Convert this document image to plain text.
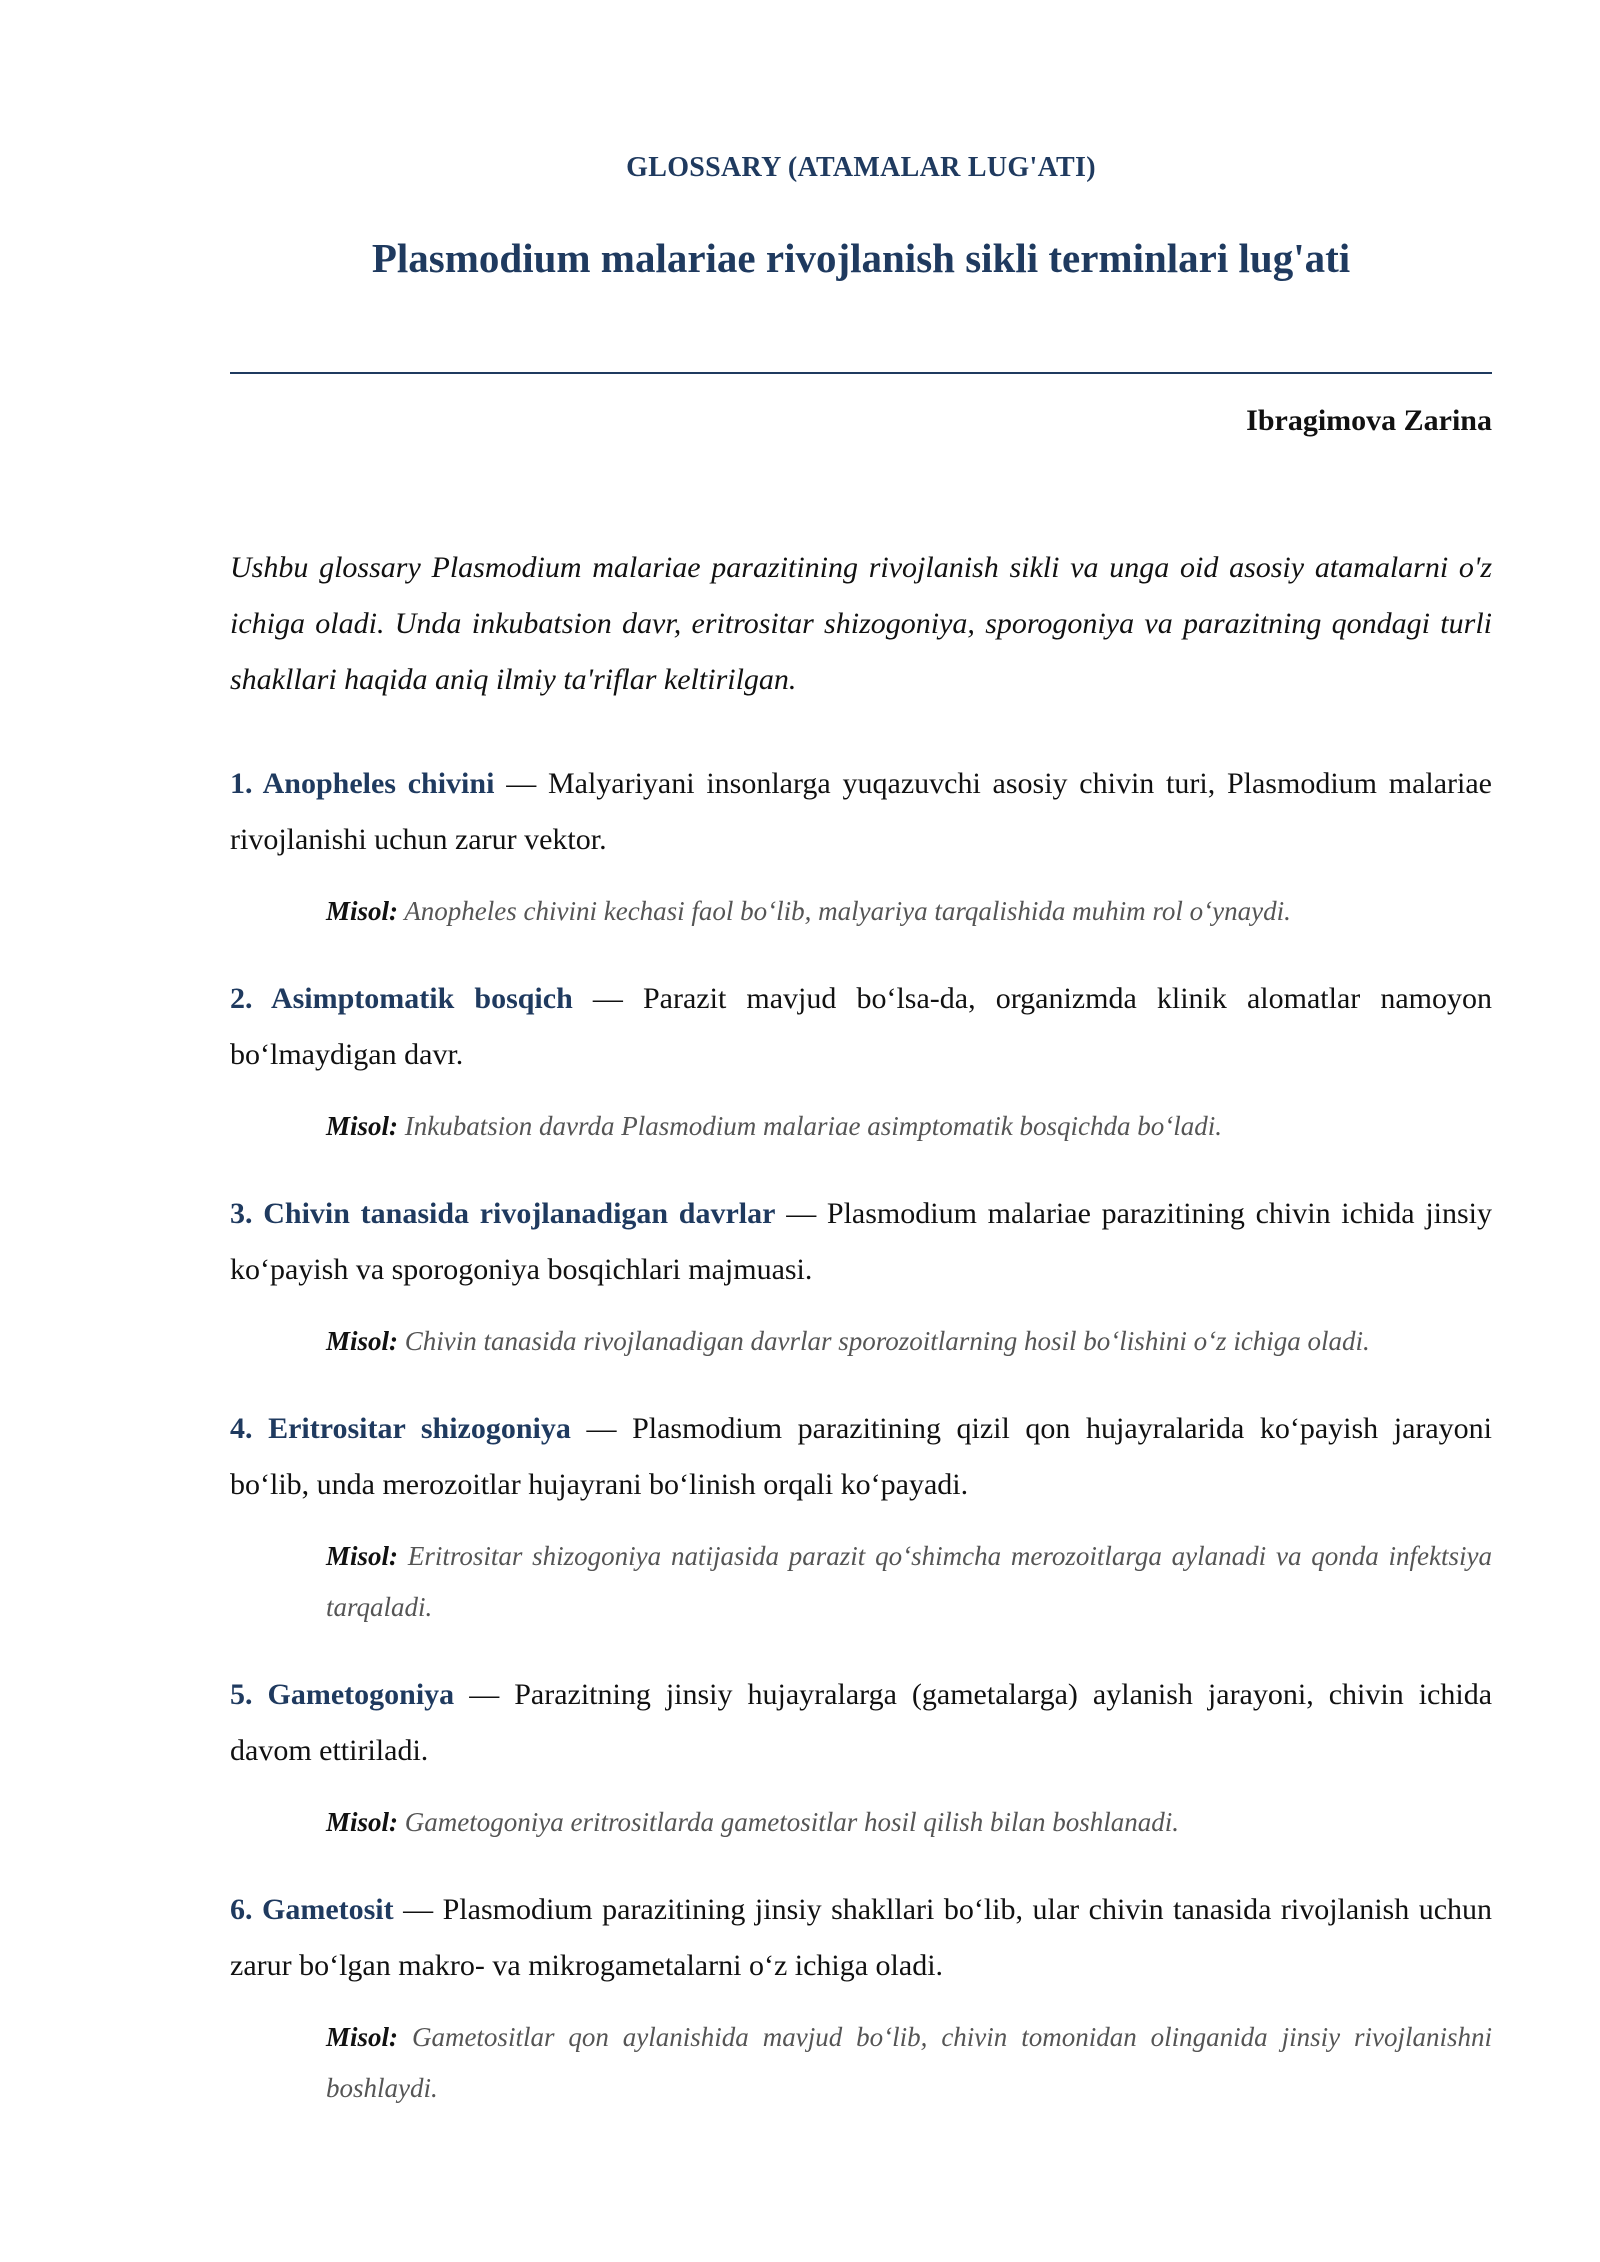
GLOSSARY (ATAMALAR LUG'ATI)
Plasmodium malariae rivojlanish sikli terminlari lug'ati
Ibragimova Zarina

Ushbu glossary Plasmodium malariae parazitining rivojlanish sikli va unga oid asosiy atamalarni o'z ichiga oladi. Unda inkubatsion davr, eritrositar shizogoniya, sporogoniya va parazitning qondagi turli shakllari haqida aniq ilmiy ta'riflar keltirilgan.

1. Anopheles chivini — Malyariyani insonlarga yuqazuvchi asosiy chivin turi, Plasmodium malariae rivojlanishi uchun zarur vektor.

Misol: Anopheles chivini kechasi faol bo‘lib, malyariya tarqalishida muhim rol o‘ynaydi.

2. Asimptomatik bosqich — Parazit mavjud bo‘lsa-da, organizmda klinik alomatlar namoyon bo‘lmaydigan davr.

Misol: Inkubatsion davrda Plasmodium malariae asimptomatik bosqichda bo‘ladi.

3. Chivin tanasida rivojlanadigan davrlar — Plasmodium malariae parazitining chivin ichida jinsiy ko‘payish va sporogoniya bosqichlari majmuasi.

Misol: Chivin tanasida rivojlanadigan davrlar sporozoitlarning hosil bo‘lishini o‘z ichiga oladi.

4. Eritrositar shizogoniya — Plasmodium parazitining qizil qon hujayralarida ko‘payish jarayoni bo‘lib, unda merozoitlar hujayrani bo‘linish orqali ko‘payadi.

Misol: Eritrositar shizogoniya natijasida parazit qo‘shimcha merozoitlarga aylanadi va qonda infektsiya tarqaladi.

5. Gametogoniya — Parazitning jinsiy hujayralarga (gametalarga) aylanish jarayoni, chivin ichida davom ettiriladi.

Misol: Gametogoniya eritrositlarda gametositlar hosil qilish bilan boshlanadi.

6. Gametosit — Plasmodium parazitining jinsiy shakllari bo‘lib, ular chivin tanasida rivojlanish uchun zarur bo‘lgan makro- va mikrogametalarni o‘z ichiga oladi.

Misol: Gametositlar qon aylanishida mavjud bo‘lib, chivin tomonidan olinganida jinsiy rivojlanishni boshlaydi.
